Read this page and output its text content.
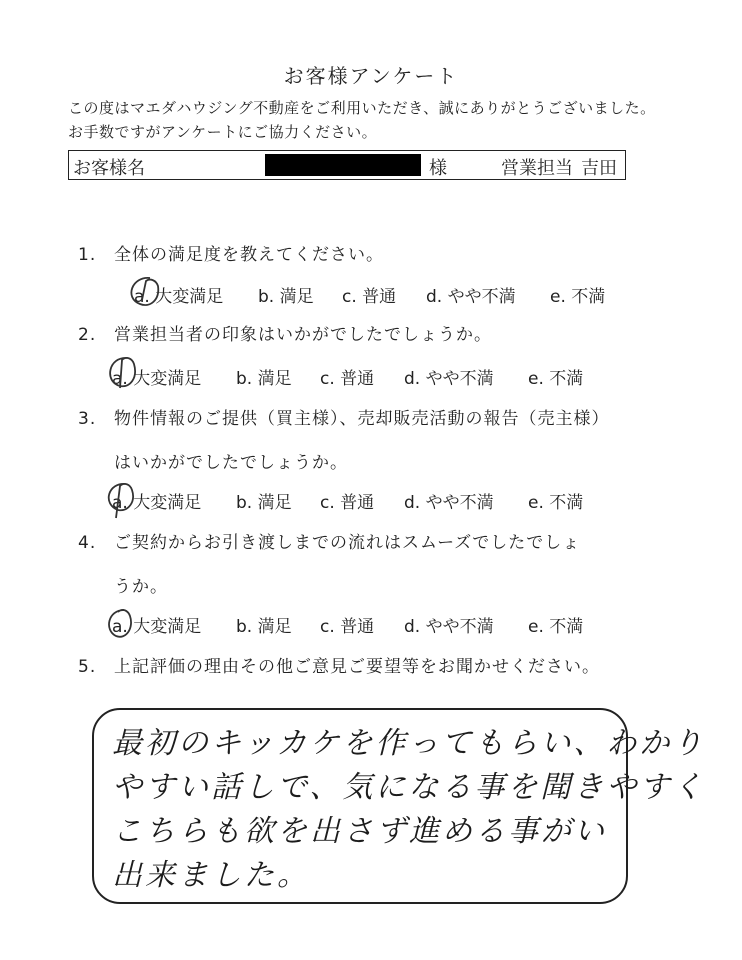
お客様アンケート
この度はマエダハウジング不動産をご利用いただき、誠にありがとうございました。お手数ですがアンケートにご協力ください。
お客様名	様	営業担当 吉田
1. 全体の満足度を教えてください。
a. 大変満足 b. 満足 c. 普通 d. やや不満 e. 不満
2. 営業担当者の印象はいかがでしたでしょうか。
a. 大変満足 b. 満足 c. 普通 d. やや不満 e. 不満
3. 物件情報のご提供（買主様）、売却販売活動の報告（売主様）
はいかがでしたでしょうか。
a. 大変満足 b. 満足 c. 普通 d. やや不満 e. 不満
4. ご契約からお引き渡しまでの流れはスムーズでしたでしょ
うか。
a. 大変満足 b. 満足 c. 普通 d. やや不満 e. 不満
5. 上記評価の理由その他ご意見ご要望等をお聞かせください。
最初のキッカケを作ってもらい、わかり
やすい話しで、気になる事を聞きやすく
こちらも欲を出さず進める事がい
出来ました。
